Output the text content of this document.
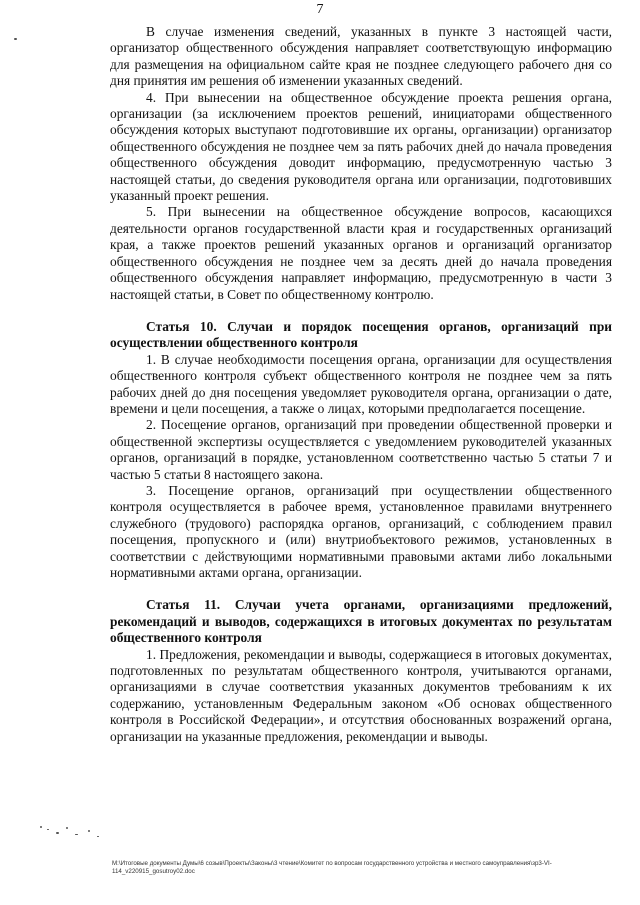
7

В случае изменения сведений, указанных в пункте 3 настоящей части, организатор общественного обсуждения направляет соответствующую информацию для размещения на официальном сайте края не позднее следующего рабочего дня со дня принятия им решения об изменении указанных сведений.

4. При вынесении на общественное обсуждение проекта решения органа, организации (за исключением проектов решений, инициаторами общественного обсуждения которых выступают подготовившие их органы, организации) организатор общественного обсуждения не позднее чем за пять рабочих дней до начала проведения общественного обсуждения доводит информацию, предусмотренную частью 3 настоящей статьи, до сведения руководителя органа или организации, подготовивших указанный проект решения.

5. При вынесении на общественное обсуждение вопросов, касающихся деятельности органов государственной власти края и государственных организаций края, а также проектов решений указанных органов и организаций организатор общественного обсуждения не позднее чем за десять дней до начала проведения общественного обсуждения направляет информацию, предусмотренную в части 3 настоящей статьи, в Совет по общественному контролю.

Статья 10. Случаи и порядок посещения органов, организаций при осуществлении общественного контроля

1. В случае необходимости посещения органа, организации для осуществления общественного контроля субъект общественного контроля не позднее чем за пять рабочих дней до дня посещения уведомляет руководителя органа, организации о дате, времени и цели посещения, а также о лицах, которыми предполагается посещение.

2. Посещение органов, организаций при проведении общественной проверки и общественной экспертизы осуществляется с уведомлением руководителей указанных органов, организаций в порядке, установленном соответственно частью 5 статьи 7 и частью 5 статьи 8 настоящего закона.

3. Посещение органов, организаций при осуществлении общественного контроля осуществляется в рабочее время, установленное правилами внутреннего служебного (трудового) распорядка органов, организаций, с соблюдением правил посещения, пропускного и (или) внутриобъектового режимов, установленных в соответствии с действующими нормативными правовыми актами либо локальными нормативными актами органа, организации.

Статья 11. Случаи учета органами, организациями предложений, рекомендаций и выводов, содержащихся в итоговых документах по результатам общественного контроля

1. Предложения, рекомендации и выводы, содержащиеся в итоговых документах, подготовленных по результатам общественного контроля, учитываются органами, организациями в случае соответствия указанных документов требованиям к их содержанию, установленным Федеральным законом «Об основах общественного контроля в Российской Федерации», и отсутствия обоснованных возражений органа, организации на указанные предложения, рекомендации и выводы.

M:\Итоговые документы Думы\6 созыв\Проекты\Законы\3 чтение\Комитет по вопросам государственного устройства и местного самоуправления\зр3-VI-114_v220915_gosutroy02.doc
